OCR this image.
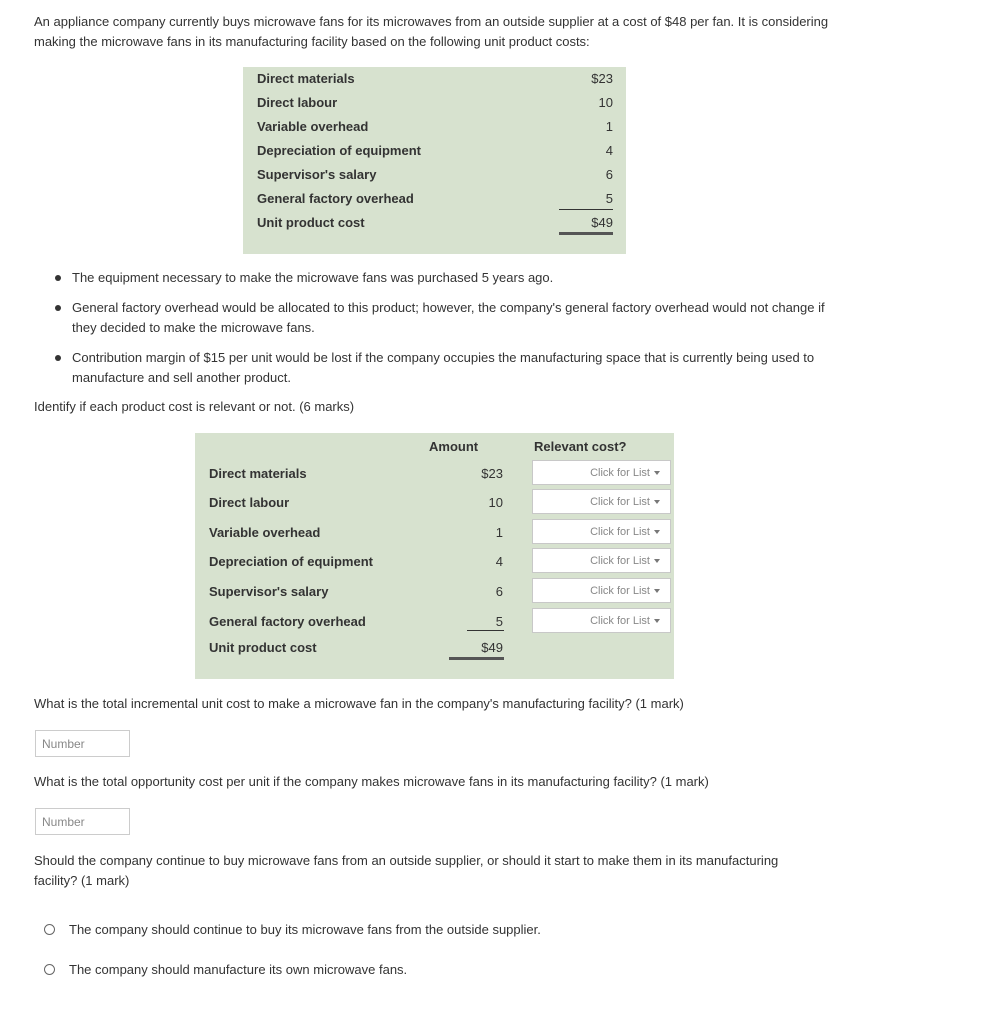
An appliance company currently buys microwave fans for its microwaves from an outside supplier at a cost of $48 per fan. It is considering making the microwave fans in its manufacturing facility based on the following unit product costs:
Direct materials	$23
Direct labour	10
Variable overhead	1
Depreciation of equipment	4
Supervisor's salary	6
General factory overhead	5
Unit product cost	$49
The equipment necessary to make the microwave fans was purchased 5 years ago.
General factory overhead would be allocated to this product; however, the company's general factory overhead would not change if they decided to make the microwave fans.
Contribution margin of $15 per unit would be lost if the company occupies the manufacturing space that is currently being used to manufacture and sell another product.
Identify if each product cost is relevant or not. (6 marks)
Amount	Relevant cost?
Direct materials	$23	Click for List
Direct labour	10	Click for List
Variable overhead	1	Click for List
Depreciation of equipment	4	Click for List
Supervisor's salary	6	Click for List
General factory overhead	5	Click for List
Unit product cost	$49
What is the total incremental unit cost to make a microwave fan in the company's manufacturing facility? (1 mark)
Number
What is the total opportunity cost per unit if the company makes microwave fans in its manufacturing facility? (1 mark)
Number
Should the company continue to buy microwave fans from an outside supplier, or should it start to make them in its manufacturing facility? (1 mark)
The company should continue to buy its microwave fans from the outside supplier.
The company should manufacture its own microwave fans.
